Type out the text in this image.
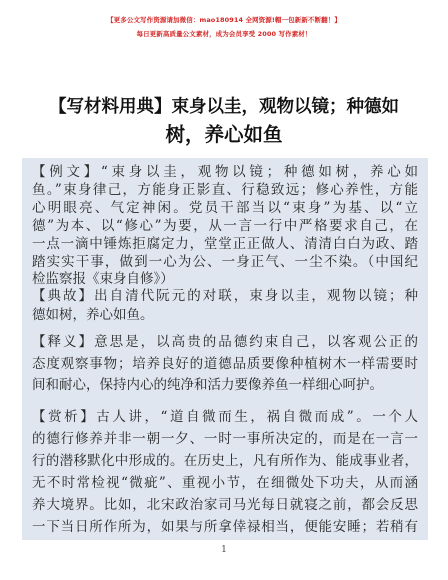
【更多公文写作资源请加微信：mao180914 全网资源!帽一包新新不断翻！】
每日更新高质量公文素材，成为会员享受 2000 写作素材！
【写材料用典】束身以圭，观物以镜；种德如
树，养心如鱼
【例文】“束身以圭，观物以镜；种德如树，养心如
鱼。”束身律己，方能身正影直、行稳致远；修心养性，方能
心明眼亮、气定神闲。党员干部当以“束身”为基、以“立
德”为本、以“修心”为要，从一言一行中严格要求自己，在
一点一滴中锤炼拒腐定力，堂堂正正做人、清清白白为政、踏
踏实实干事，做到一心为公、一身正气、一尘不染。（中国纪
检监察报《束身自修》）
【典故】出自清代阮元的对联，束身以圭，观物以镜；种
德如树，养心如鱼。
【释义】意思是，以高贵的品德约束自己，以客观公正的
态度观察事物；培养良好的道德品质要像种植树木一样需要时
间和耐心，保持内心的纯净和活力要像养鱼一样细心呵护。
【赏析】古人讲，“道自微而生，祸自微而成”。一个人
的德行修养并非一朝一夕、一时一事所决定的，而是在一言一
行的潜移默化中形成的。在历史上，凡有所作为、能成事业者，
无不时常检视“微疵”、重视小节，在细微处下功夫，从而涵
养大境界。比如，北宋政治家司马光每日就寝之前，都会反思
一下当日所作所为，如果与所拿倖禄相当，便能安睡；若稍有
1
